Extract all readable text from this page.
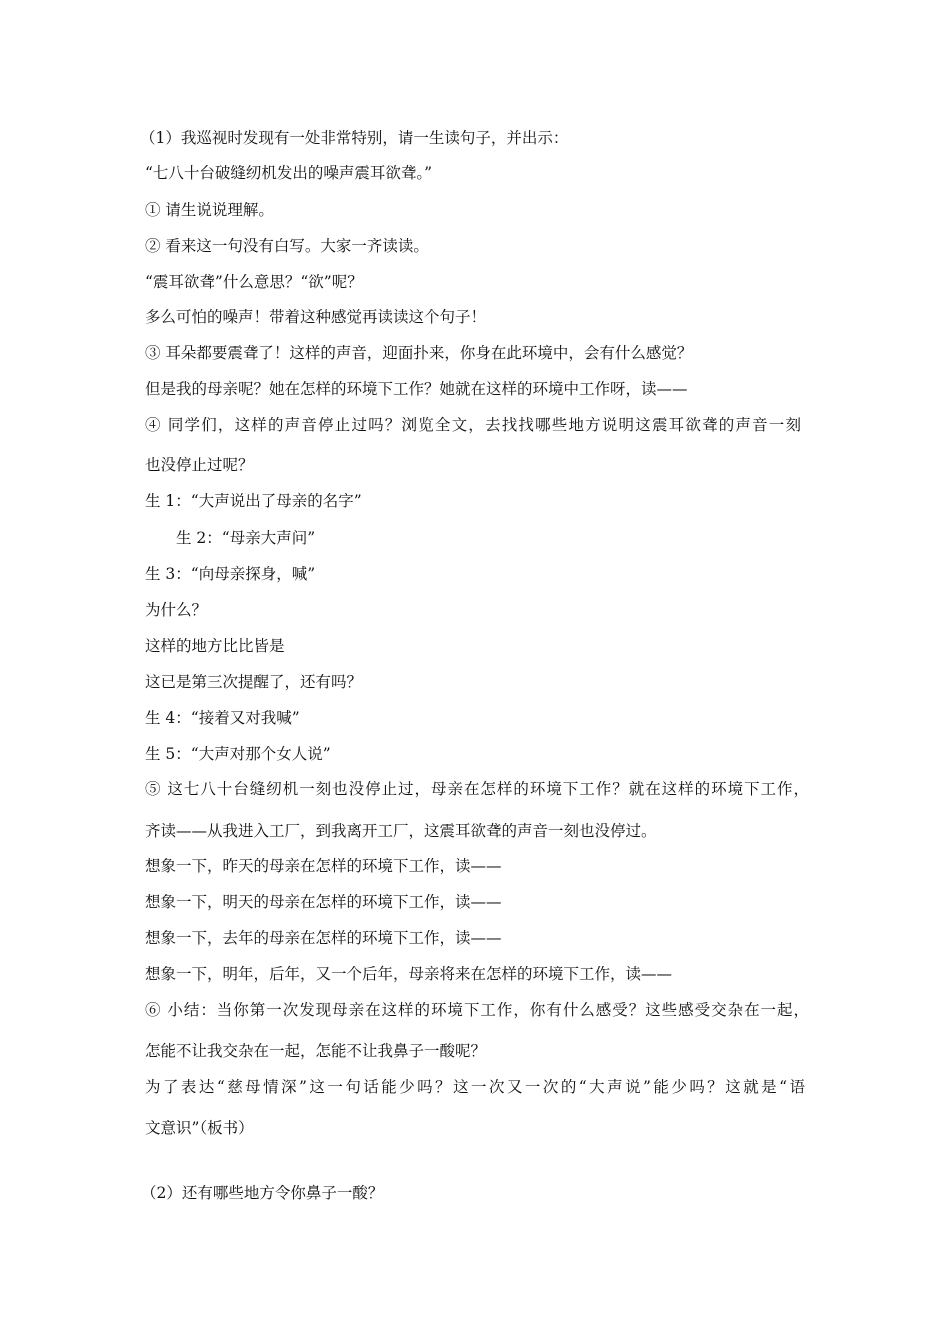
（1）我巡视时发现有一处非常特别，请一生读句子，并出示：
“七八十台破缝纫机发出的噪声震耳欲聋。”
① 请生说说理解。
② 看来这一句没有白写。大家一齐读读。
“震耳欲聋”什么意思？“欲”呢？
多么可怕的噪声！带着这种感觉再读读这个句子！
③ 耳朵都要震聋了！这样的声音，迎面扑来，你身在此环境中，会有什么感觉？
但是我的母亲呢？她在怎样的环境下工作？她就在这样的环境中工作呀，读——
④ 同学们，这样的声音停止过吗？浏览全文，去找找哪些地方说明这震耳欲聋的声音一刻
也没停止过呢？
生 1：“大声说出了母亲的名字”
生 2：“母亲大声问”
生 3：“向母亲探身，喊”
为什么？
这样的地方比比皆是
这已是第三次提醒了，还有吗？
生 4：“接着又对我喊”
生 5：“大声对那个女人说”
⑤ 这七八十台缝纫机一刻也没停止过，母亲在怎样的环境下工作？就在这样的环境下工作，
齐读——从我进入工厂，到我离开工厂，这震耳欲聋的声音一刻也没停过。
想象一下，昨天的母亲在怎样的环境下工作，读——
想象一下，明天的母亲在怎样的环境下工作，读——
想象一下，去年的母亲在怎样的环境下工作，读——
想象一下，明年，后年，又一个后年，母亲将来在怎样的环境下工作，读——
⑥ 小结：当你第一次发现母亲在这样的环境下工作，你有什么感受？这些感受交杂在一起，
怎能不让我交杂在一起，怎能不让我鼻子一酸呢？
为了表达“慈母情深”这一句话能少吗？这一次又一次的“大声说”能少吗？这就是“语
文意识”（板书）
（2）还有哪些地方令你鼻子一酸？
